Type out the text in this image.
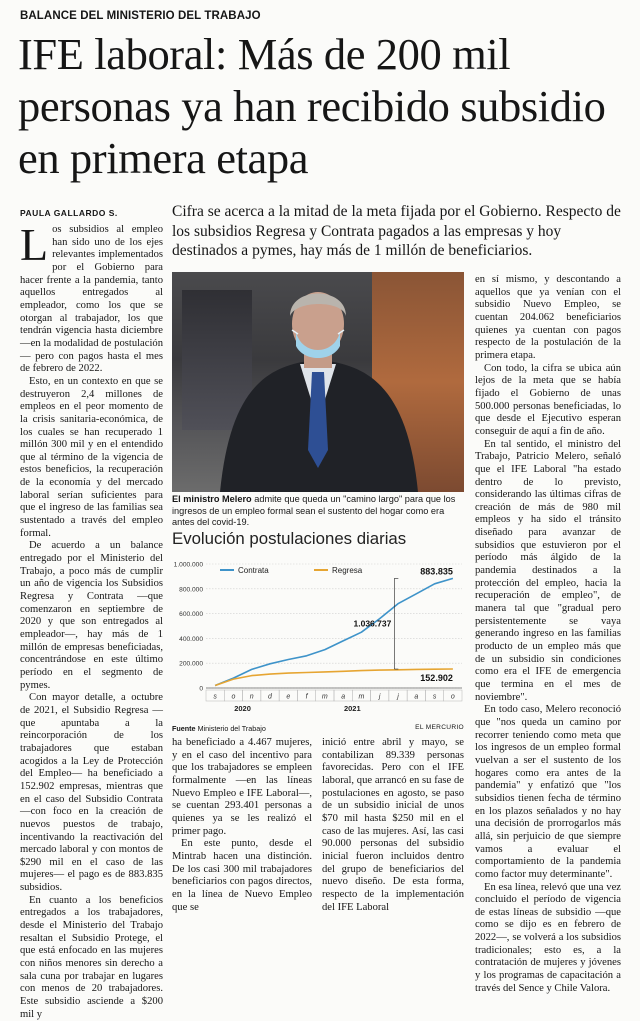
BALANCE DEL MINISTERIO DEL TRABAJO
IFE laboral: Más de 200 mil personas ya han recibido subsidio en primera etapa
PAULA GALLARDO S.	Cifra se acerca a la mitad de la meta fijada por el Gobierno. Respecto de los subsidios Regresa y Contrata pagados a las empresas y hoy destinados a pymes, hay más de 1 millón de beneficiarios.

Los subsidios al empleo han sido uno de los ejes relevantes implementados por el Gobierno para hacer frente a la pandemia, tanto aquellos entregados al empleador, como los que se otorgan al trabajador, los que tendrán vigencia hasta diciembre —en la modalidad de postulación— pero con pagos hasta el mes de febrero de 2022.

Esto, en un contexto en que se destruyeron 2,4 millones de empleos en el peor momento de la crisis sanitaria-económica, de los cuales se han recuperado 1 millón 300 mil y en el entendido que al término de la vigencia de estos beneficios, la recuperación de la economía y del mercado laboral serían suficientes para que el ingreso de las familias sea sustentado a través del empleo formal.

De acuerdo a un balance entregado por el Ministerio del Trabajo, a poco más de cumplir un año de vigencia los Subsidios Regresa y Contrata —que comenzaron en septiembre de 2020 y que son entregados al empleador—, hay más de 1 millón de empresas beneficiadas, concentrándose en este último período en el segmento de pymes.

Con mayor detalle, a octubre de 2021, el Subsidio Regresa —que apuntaba a la reincorporación de los trabajadores que estaban acogidos a la Ley de Protección del Empleo— ha beneficiado a 152.902 empresas, mientras que en el caso del Subsidio Contrata —con foco en la creación de nuevos puestos de trabajo, incentivando la reactivación del mercado laboral y con montos de $290 mil en el caso de las mujeres— el pago es de 883.835 subsidios.

En cuanto a los beneficios entregados a los trabajadores, desde el Ministerio del Trabajo resaltan el Subsidio Protege, el que está enfocado en las mujeres con niños menores sin derecho a sala cuna por trabajar en lugares con menos de 20 trabajadores. Este subsidio asciende a $200 mil y

El ministro Melero admite que queda un "camino largo" para que los ingresos de un empleo formal sean el sustento del hogar como era antes del covid-19.
Evolución postulaciones diarias
0
200.000
400.000
600.000
800.000
1.000.000
s o n d e f m a m j j a s o
2020	2021
Contrata	Regresa	883.835
152.902
1.036.737
Fuente Ministerio del Trabajo	EL MERCURIO

ha beneficiado a 4.467 mujeres, y en el caso del incentivo para que los trabajadores se empleen formalmente —en las líneas Nuevo Empleo e IFE Laboral—, se cuentan 293.401 personas a quienes ya se les realizó el primer pago.

En este punto, desde el Mintrab hacen una distinción. De los casi 300 mil trabajadores beneficiarios con pagos directos, en la línea de Nuevo Empleo que se

inició entre abril y mayo, se contabilizan 89.339 personas favorecidas. Pero con el IFE laboral, que arrancó en su fase de postulaciones en agosto, se paso de un subsidio inicial de unos $70 mil hasta $250 mil en el caso de las mujeres. Así, las casi 90.000 personas del subsidio inicial fueron incluidos dentro del grupo de beneficiarios del nuevo diseño. De esta forma, respecto de la implementación del IFE Laboral

en sí mismo, y descontando a aquellos que ya venían con el subsidio Nuevo Empleo, se cuentan 204.062 beneficiarios quienes ya cuentan con pagos respecto de la postulación de la primera etapa.

Con todo, la cifra se ubica aún lejos de la meta que se había fijado el Gobierno de unas 500.000 personas beneficiadas, lo que desde el Ejecutivo esperan conseguir de aquí a fin de año.

En tal sentido, el ministro del Trabajo, Patricio Melero, señaló que el IFE Laboral "ha estado dentro de lo previsto, considerando las últimas cifras de creación de más de 980 mil empleos y ha sido el tránsito diseñado para avanzar de subsidios que estuvieron por el período más álgido de la pandemia destinados a la protección del empleo, hacia la recuperación de empleo", de manera tal que "gradual pero persistentemente se vaya generando ingreso en las familias producto de un empleo más que de un subsidio sin condiciones como era el IFE de emergencia que termina en el mes de noviembre".

En todo caso, Melero reconoció que "nos queda un camino por recorrer teniendo como meta que los ingresos de un empleo formal vuelvan a ser el sustento de los hogares como era antes de la pandemia" y enfatizó que "los subsidios tienen fecha de término en los plazos señalados y no hay una decisión de prorrogarlos más allá, sin perjuicio de que siempre vamos a evaluar el comportamiento de la pandemia como factor muy determinante".

En esa línea, relevó que una vez concluido el período de vigencia de estas líneas de subsidio —que como se dijo es en febrero de 2022—, se volverá a los subsidios tradicionales; esto es, a la contratación de mujeres y jóvenes y los programas de capacitación a través del Sence y Chile Valora.
